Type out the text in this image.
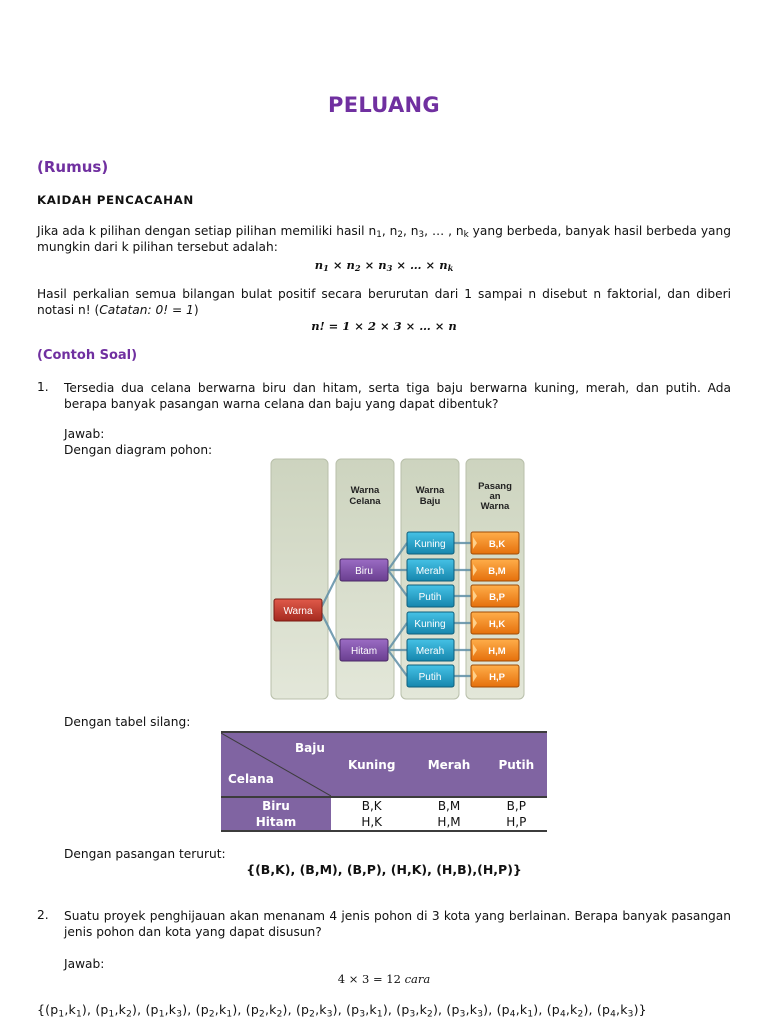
PELUANG
(Rumus)
KAIDAH PENCACAHAN
Jika ada k pilihan dengan setiap pilihan memiliki hasil $n_1$, $n_2$, $n_3$, … , $n_k$ yang berbeda, banyak hasil berbeda yang mungkin dari k pilihan tersebut adalah:
$n_1 \times n_2 \times n_3$ × … × $n_k$
Hasil perkalian semua bilangan bulat positif secara berurutan dari 1 sampai n disebut n faktorial, dan diberi notasi n! (Catatan: 0! = 1)
n! = 1 × 2 × 3 × … × n
(Contoh Soal)
1. Tersedia dua celana berwarna biru dan hitam, serta tiga baju berwarna kuning, merah, dan putih. Ada berapa banyak pasangan warna celana dan baju yang dapat dibentuk?
Jawab:
Dengan diagram pohon:
Warna
Celana
Warna
Baju
Pasang
an
Warna
Warna
Biru
Hitam
Kuning
Merah
Putih
Kuning
Merah
Putih
B,K
B,M
B,P
H,K
H,M
H,P
Dengan tabel silang:
Baju
Celana	Kuning	Merah	Putih
Biru	B,K	B,M	B,P
Hitam	H,K	H,M	H,P
Dengan pasangan terurut:
{(B,K), (B,M), (B,P), (H,K), (H,B),(H,P)}
2. Suatu proyek penghijauan akan menanam 4 jenis pohon di 3 kota yang berlainan. Berapa banyak pasangan jenis pohon dan kota yang dapat disusun?
Jawab:
4 × 3 = 12 cara
{$(p_1,k_1)$, $(p_1,k_2)$, $(p_1,k_3)$, $(p_2,k_1)$, $(p_2,k_2)$, $(p_2,k_3)$, $(p_3,k_1)$, $(p_3,k_2)$, $(p_3,k_3)$, $(p_4,k_1)$, $(p_4,k_2)$, $(p_4,k_3)$}
